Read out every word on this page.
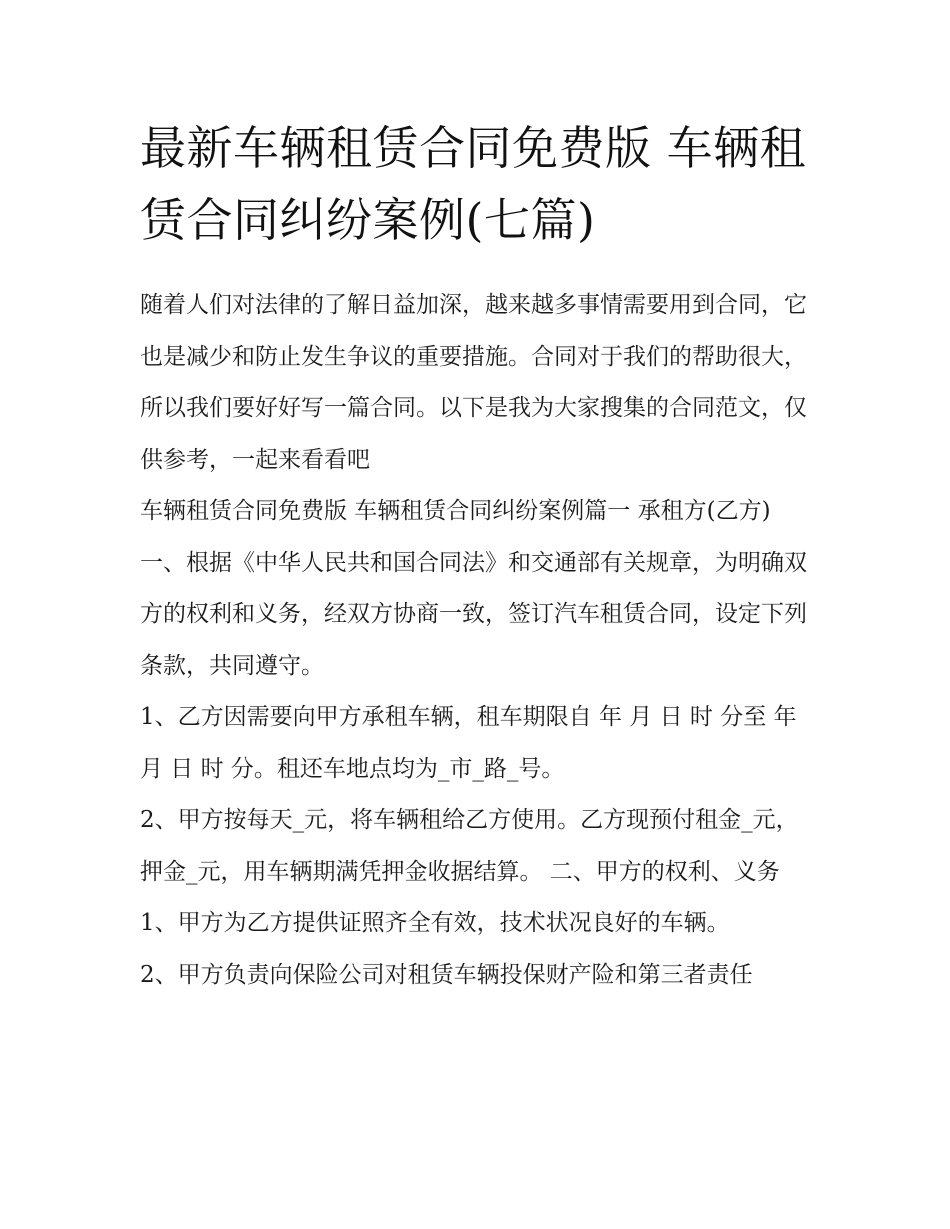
最新车辆租赁合同免费版 车辆租赁合同纠纷案例(七篇)

随着人们对法律的了解日益加深，越来越多事情需要用到合同，它也是减少和防止发生争议的重要措施。合同对于我们的帮助很大，所以我们要好好写一篇合同。以下是我为大家搜集的合同范文，仅供参考，一起来看看吧

车辆租赁合同免费版 车辆租赁合同纠纷案例篇一 承租方(乙方)

一、根据《中华人民共和国合同法》和交通部有关规章，为明确双方的权利和义务，经双方协商一致，签订汽车租赁合同，设定下列条款，共同遵守。

1、乙方因需要向甲方承租车辆，租车期限自 年 月 日 时 分至 年 月 日 时 分。租还车地点均为_市_路_号。

2、甲方按每天_元，将车辆租给乙方使用。乙方现预付租金_元，押金_元，用车辆期满凭押金收据结算。 二、甲方的权利、义务

1、甲方为乙方提供证照齐全有效，技术状况良好的车辆。

2、甲方负责向保险公司对租赁车辆投保财产险和第三者责任
